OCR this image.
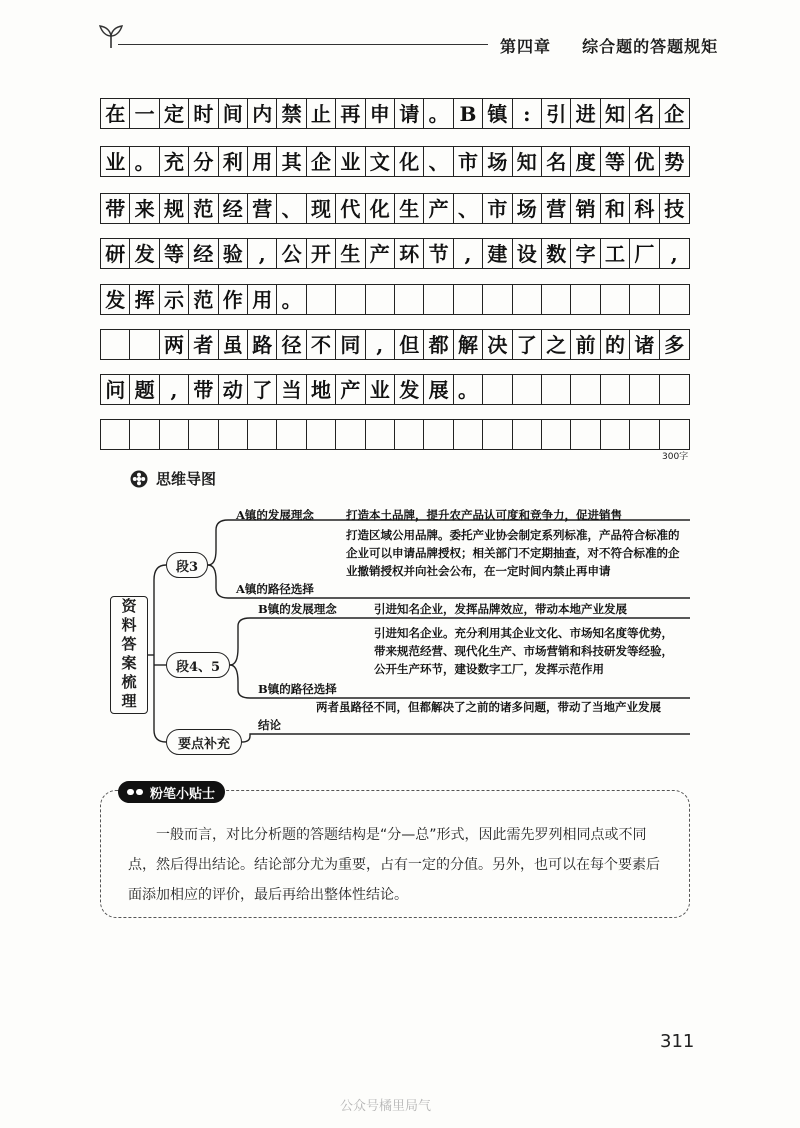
第四章 综合题的答题规矩
在 一 定 时 间 内 禁 止 再 申 请 。 B 镇 : 引 进 知 名 企
业 。 充 分 利 用 其 企 业 文 化 、 市 场 知 名 度 等 优 势
带 来 规 范 经 营 、 现 代 化 生 产 、 市 场 营 销 和 科 技
研 发 等 经 验 , 公 开 生 产 环 节 , 建 设 数 字 工 厂 ,
发 挥 示 范 作 用 。
两 者 虽 路 径 不 同 , 但 都 解 决 了 之 前 的 诸 多
问 题 , 带 动 了 当 地 产 业 发 展 。
300字
思维导图
资料答案梳理
段3
段4、5
要点补充
A镇的发展理念	打造本土品牌，提升农产品认可度和竞争力，促进销售
A镇的路径选择
打造区域公用品牌。委托产业协会制定系列标准，产品符合标准的企业可以申请品牌授权；相关部门不定期抽查，对不符合标准的企业撤销授权并向社会公布，在一定时间内禁止再申请
B镇的发展理念	引进知名企业，发挥品牌效应，带动本地产业发展
B镇的路径选择
引进知名企业。充分利用其企业文化、市场知名度等优势，带来规范经营、现代化生产、市场营销和科技研发等经验，公开生产环节，建设数字工厂，发挥示范作用
结论
两者虽路径不同，但都解决了之前的诸多问题，带动了当地产业发展
粉笔小贴士
一般而言，对比分析题的答题结构是“分—总”形式，因此需先罗列相同点或不同点，然后得出结论。结论部分尤为重要，占有一定的分值。另外，也可以在每个要素后面添加相应的评价，最后再给出整体性结论。
311
公众号橘里局气
